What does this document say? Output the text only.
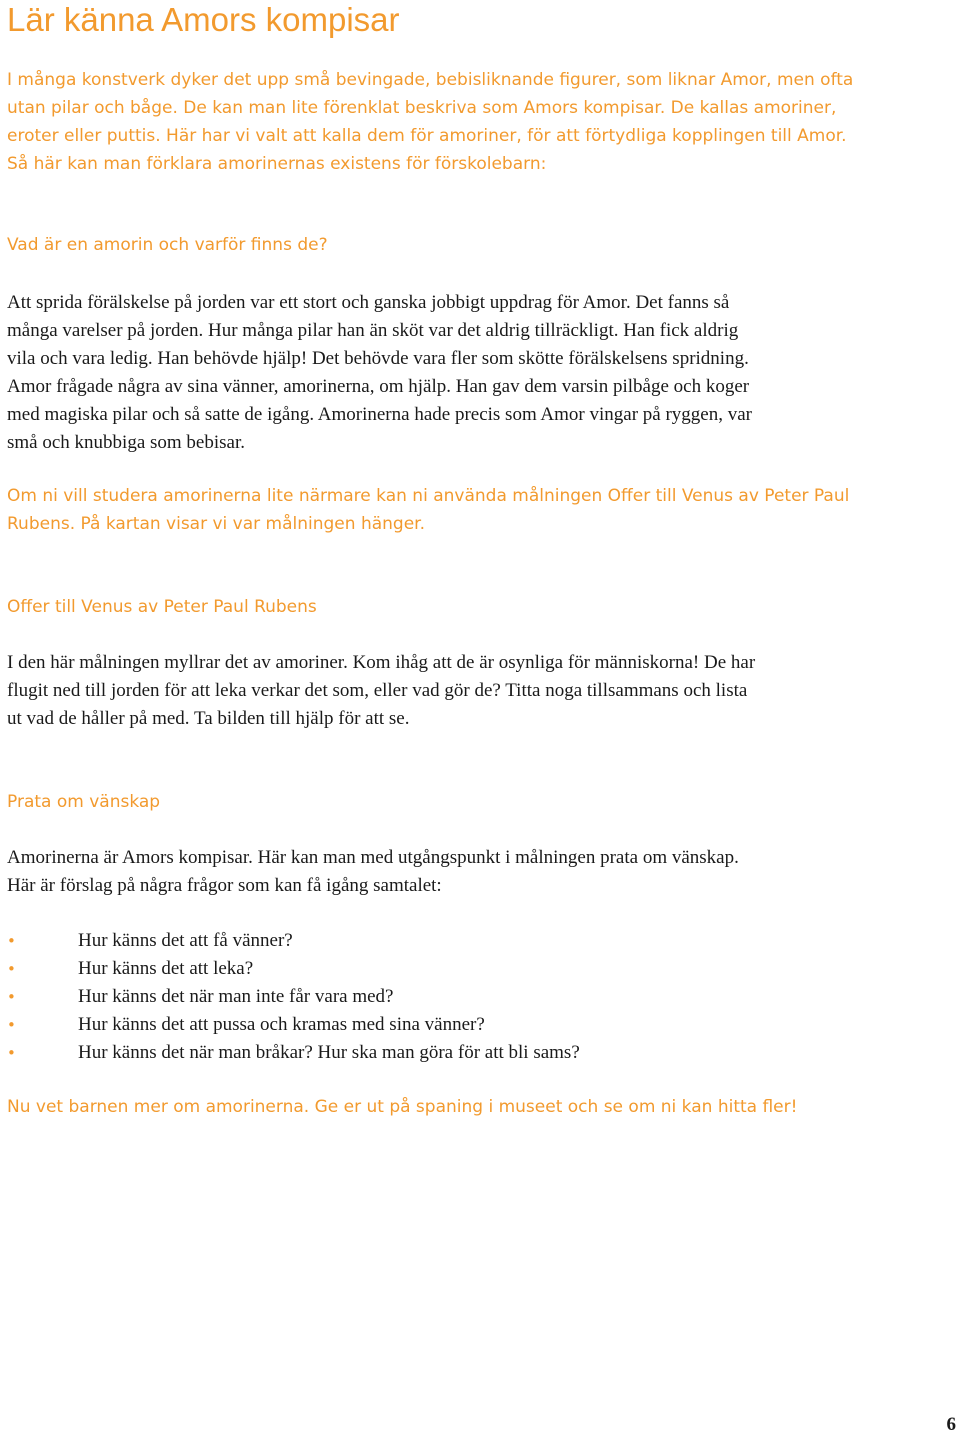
Lär känna Amors kompisar

I många konstverk dyker det upp små bevingade, bebisliknande figurer, som liknar Amor, men ofta
utan pilar och båge. De kan man lite förenklat beskriva som Amors kompisar. De kallas amoriner,
eroter eller puttis. Här har vi valt att kalla dem för amoriner, för att förtydliga kopplingen till Amor.
Så här kan man förklara amorinernas existens för förskolebarn:

Vad är en amorin och varför finns de?

Att sprida förälskelse på jorden var ett stort och ganska jobbigt uppdrag för Amor. Det fanns så
många varelser på jorden. Hur många pilar han än sköt var det aldrig tillräckligt. Han fick aldrig
vila och vara ledig. Han behövde hjälp! Det behövde vara fler som skötte förälskelsens spridning.
Amor frågade några av sina vänner, amorinerna, om hjälp. Han gav dem varsin pilbåge och koger
med magiska pilar och så satte de igång. Amorinerna hade precis som Amor vingar på ryggen, var
små och knubbiga som bebisar.

Om ni vill studera amorinerna lite närmare kan ni använda målningen Offer till Venus av Peter Paul
Rubens. På kartan visar vi var målningen hänger.

Offer till Venus av Peter Paul Rubens

I den här målningen myllrar det av amoriner. Kom ihåg att de är osynliga för människorna! De har
flugit ned till jorden för att leka verkar det som, eller vad gör de? Titta noga tillsammans och lista
ut vad de håller på med. Ta bilden till hjälp för att se.

Prata om vänskap

Amorinerna är Amors kompisar. Här kan man med utgångspunkt i målningen prata om vänskap.
Här är förslag på några frågor som kan få igång samtalet:

•	Hur känns det att få vänner?
•	Hur känns det att leka?
•	Hur känns det när man inte får vara med?
•	Hur känns det att pussa och kramas med sina vänner?
•	Hur känns det när man bråkar? Hur ska man göra för att bli sams?

Nu vet barnen mer om amorinerna. Ge er ut på spaning i museet och se om ni kan hitta fler!

6
